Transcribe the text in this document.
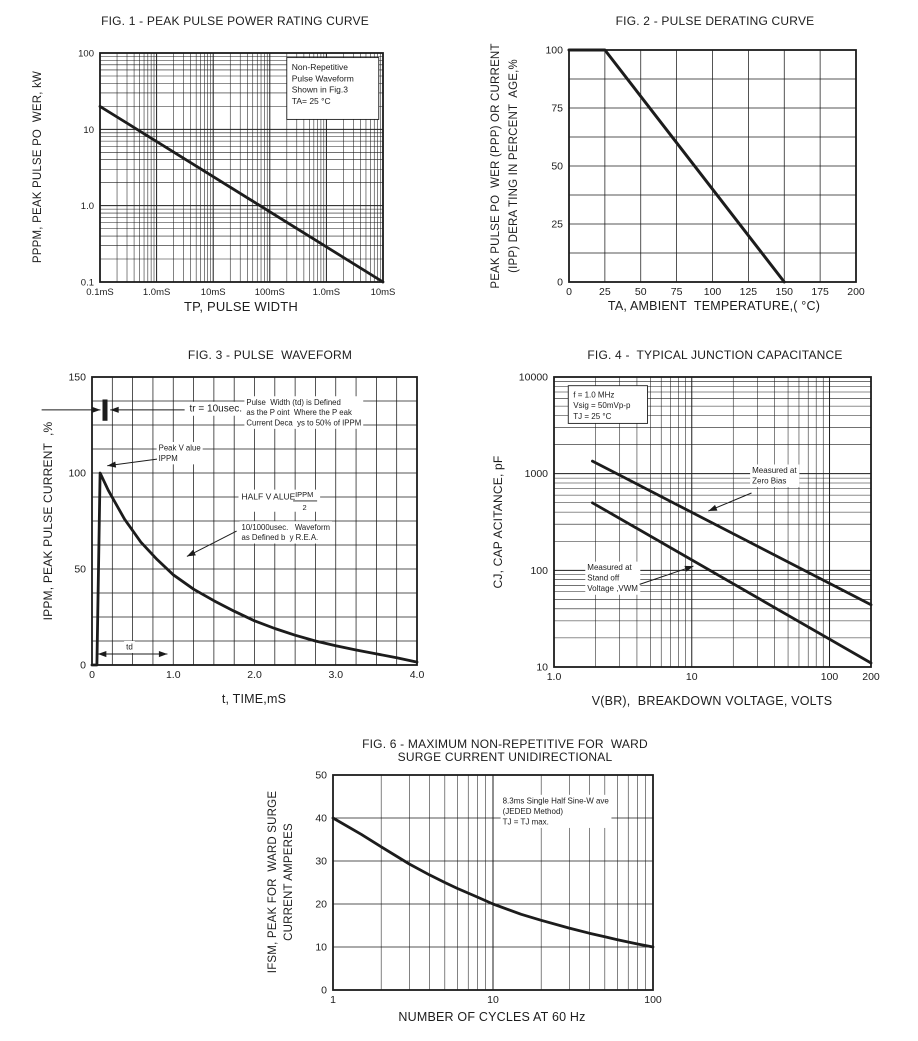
FIG. 1 - PEAK PULSE POWER RATING CURVE
0.1mS	1.0mS	10mS	100mS	1.0mS	10mS
100
10
1.0
0.1
Non-Repetitive
Pulse Waveform
Shown in Fig.3
TA= 25 °C
PPPM, PEAK PULSE PO  WER, kW
TP, PULSE WIDTH
FIG. 2 - PULSE DERATING CURVE
0	25 50 75 100 125 150 175 200
0
25
50
75
100
PEAK PULSE PO  WER (PPP) OR CURRENT (IPP) DERA TING IN PERCENT  AGE,%
TA, AMBIENT  TEMPERATURE,( °C)
FIG. 3 - PULSE  WAVEFORM
0	1.0	2.0	3.0	4.0
0
50
100
150
tr = 10usec.
Pulse  Width (td) is Defined
as the P oint  Where the P eak
Current Deca  ys to 50% of IPPM
Peak V alue
IPPM
HALF V ALUE IPPM
2
10/1000usec.   Waveform
as Defined b  y R.E.A.
td
IPPM, PEAK PULSE CURRENT  ,%
t, TIME,mS
FIG. 4 -  TYPICAL JUNCTION CAPACITANCE
1.0	10	100 200
10000
1000
100
10
f = 1.0 MHz
Vsig = 50mVp-p
TJ = 25 °C
Measured at
Zero Bias
Measured at
Stand off
Voltage ,VWM
CJ, CAP ACITANCE, pF
V(BR),  BREAKDOWN VOLTAGE, VOLTS
FIG. 6 - MAXIMUM NON-REPETITIVE FOR  WARD
SURGE CURRENT UNIDIRECTIONAL
1	10	100
0
10
20
30
40
50
8.3ms Single Half Sine-W ave
(JEDED Method)
TJ = TJ max.
IFSM, PEAK FOR  WARD SURGE CURRENT AMPERES
NUMBER OF CYCLES AT 60 Hz
